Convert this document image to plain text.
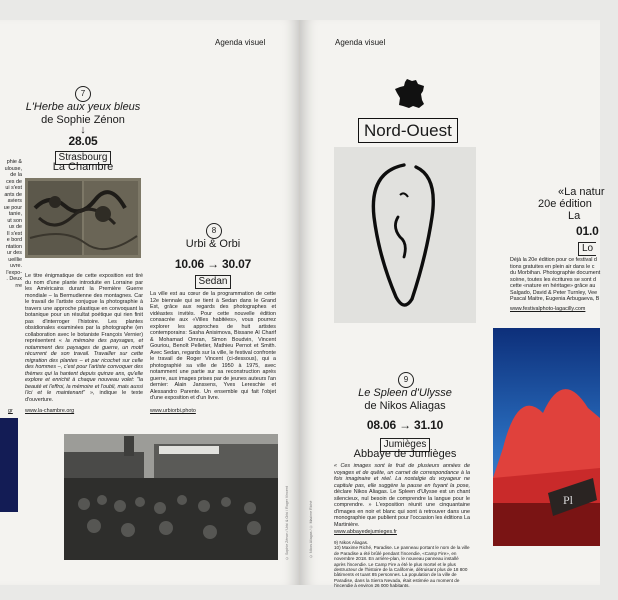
Agenda visuel
phie &
ulouse,
de la
ces de
ui s'est
ants de
aviers
ue pour
tanie,
ut son
ux de
Il s'est
e bord
ntation
ur des
ueillie
uvre.
l'expo-
. Deux
rre
gr
7
L'Herbe aux yeux bleus
de Sophie Zénon
↓
28.05
Strasbourg
La Chambre
Le titre énigmatique de cette exposition est tiré du nom d'une plante introduite en Lorraine par les Américains durant la Première Guerre mondiale – la Bermudienne des montagnes. Car le travail de l'artiste conjugue la photographie à travers une approche plastique en convoquant la botanique pour un résultat poétique qui rien finit pas d'interroger l'histoire. Les plantes obsidionales examinées par la photographe (en collaboration avec le botaniste François Vernier) représentent « la mémoire des paysages, et notamment des paysages de guerre, un motif récurrent de son travail. Travailler sur cette migration des plantes – et par ricochet sur celle des hommes –, c'est pour l'artiste convoquer des thèmes qui la hantent depuis quinze ans, qu'elle explore et enrichit à chaque nouveau volet: "la beauté et l'effroi, la mémoire et l'oubli, mais aussi l'ici et le maintenant" », indique le texte d'ouverture.
www.la-chambre.org
8
Urbi & Orbi
10.06 → 30.07
Sedan
La ville est au cœur de la programmation de cette 12e biennale qui se tient à Sedan dans le Grand Est, grâce aux regards des photographes et vidéastes invités. Pour cette nouvelle édition consacrée aux «Villes habitées», vous pourrez explorer les approches de huit artistes contemporains: Sasha Anisimova, Bissane Al Charif & Mohamad Omran, Simon Boudvin, Vincent Gouriou, Benoît Pelletier, Mathieu Pernot et Smith. Avec Sedan, regards sur la ville, le festival confronte le travail de Roger Vincent (ci-dessous), qui a photographié sa ville de 1950 à 1975, avec notamment une partie sur sa reconstruction après guerre, aux images prises par de jeunes auteurs l'an dernier: Alain Janssens, Yves Lereschie et Alessandro Parente. Un ensemble qui fait l'objet d'une exposition et d'un livre.
www.urbiorbi.photo
© Sophie Zénon / Urbi & Orbi / Roger Vincent
Agenda visuel
Nord-Ouest
9
Le Spleen d'Ulysse
de Nikos Aliagas
08.06 → 31.10
Jumièges
Abbaye de Jumièges
« Ces images sont le fruit de plusieurs années de voyages et de quête, un carnet de correspondance à la fois imaginaire et réel. La nostalgie du voyageur ne capitule pas, elle suggère la pause en fuyant la pose, déclare Nikos Aliagas. Le Spleen d'Ulysse est un chant silencieux, nul besoin de comprendre la langue pour le comprendre. » L'exposition réunit une cinquantaine d'images en noir et blanc qui sont à retrouver dans une monographie que publient pour l'occasion les éditions La Martinière.
www.abbayedejumieges.fr
9) Nikos Aliagas.
10) Maxime Riché, Paradise. Le panneau portant le nom de la ville de Paradise a été brûlé pendant l'incendie, «Camp Fire», en novembre 2018. En arrière-plan, le nouveau panneau installé après l'incendie. Le Camp Fire a été le plus mortel et le plus destructeur de l'histoire de la Californie, détruisant plus de 18 800 bâtiments et tuant 85 personnes. La population de la ville de Paradise, dans la Sierra Nevada, était estimée au moment de l'incendie à environ 26 000 habitants.
© Nikos Aliagas / © Maxime Riché
«La natur
20e édition
La
01.0
Lo
Déjà la 20e édition pour ce festival d
tions gratuites en plein air dans le c
du Morbihan. Photographie document
scène, toutes les écritures se sont d
cette «nature en héritage» grâce au
Salgado, David & Peter Turnley, Vee
Pascal Maitre, Eugenia Arbugaeva, B
www.festivalphoto-lagacilly.com
Pl
